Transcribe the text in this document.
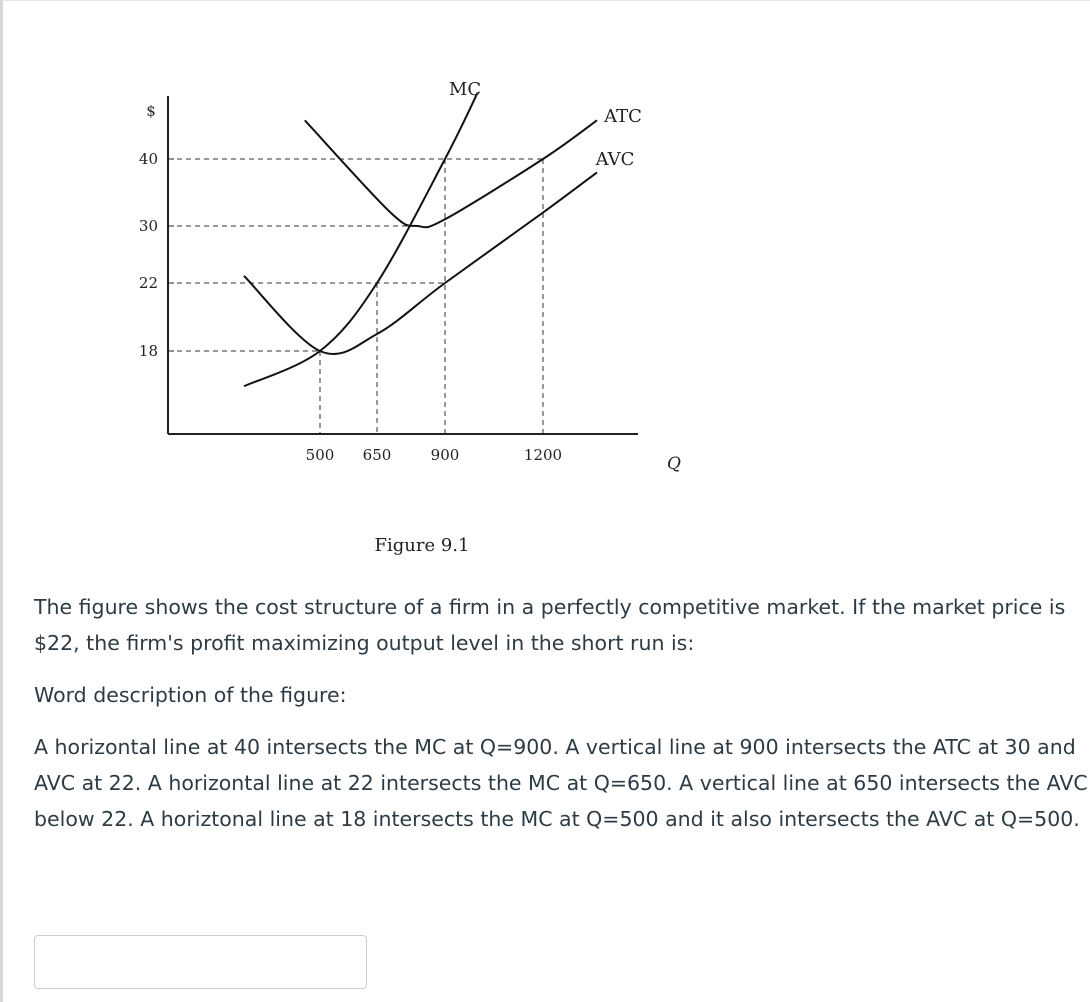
40
30
22
18
$
500 650	900	1200	Q
MC
ATC
AVC
Figure 9.1

The figure shows the cost structure of a firm in a perfectly competitive market. If the market price is $22, the firm's profit maximizing output level in the short run is:

Word description of the figure:

A horizontal line at 40 intersects the MC at Q=900. A vertical line at 900 intersects the ATC at 30 and AVC at 22. A horizontal line at 22 intersects the MC at Q=650. A vertical line at 650 intersects the AVC below 22. A horiztonal line at 18 intersects the MC at Q=500 and it also intersects the AVC at Q=500.
